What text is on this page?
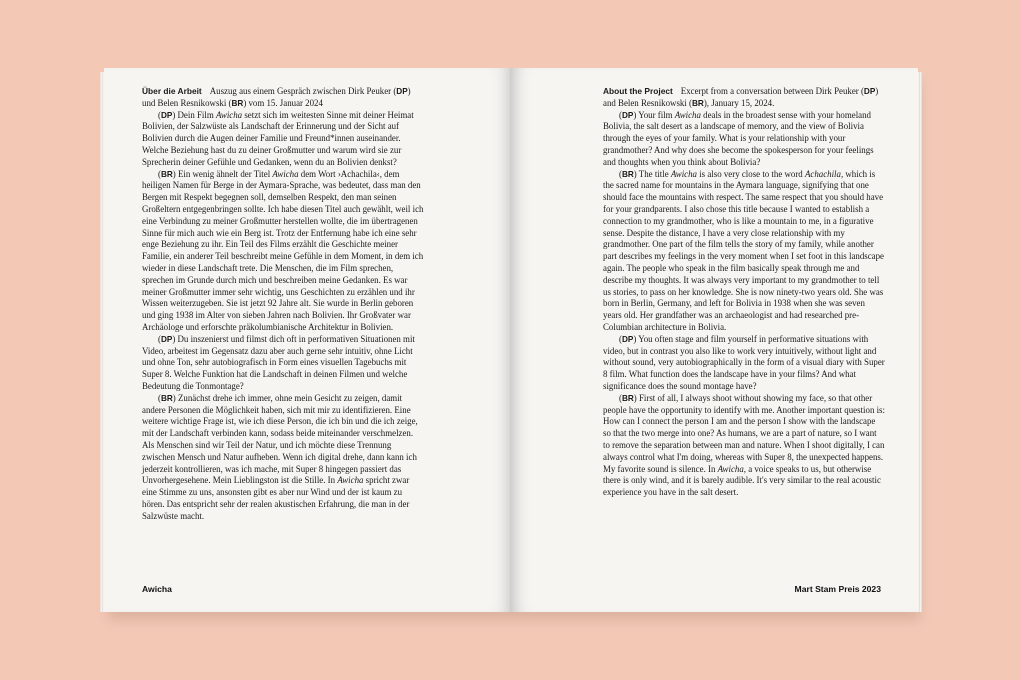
Über die Arbeit Auszug aus einem Gespräch zwischen Dirk Peuker (DP) und Belen Resnikowski (BR) vom 15. Januar 2024

(DP) Dein Film Awicha setzt sich im weitesten Sinne mit deiner Heimat Bolivien, der Salzwüste als Landschaft der Erinnerung und der Sicht auf Bolivien durch die Augen deiner Familie und Freund*innen auseinander. Welche Beziehung hast du zu deiner Großmutter und warum wird sie zur Sprecherin deiner Gefühle und Gedanken, wenn du an Bolivien denkst?

(BR) Ein wenig ähnelt der Titel Awicha dem Wort ›Achachila‹, dem heiligen Namen für Berge in der Aymara-Sprache, was bedeutet, dass man den Bergen mit Respekt begegnen soll, demselben Respekt, den man seinen Großeltern entgegenbringen sollte. Ich habe diesen Titel auch gewählt, weil ich eine Verbindung zu meiner Großmutter herstellen wollte, die im übertragenen Sinne für mich auch wie ein Berg ist. Trotz der Entfernung habe ich eine sehr enge Beziehung zu ihr. Ein Teil des Films erzählt die Geschichte meiner Familie, ein anderer Teil beschreibt meine Gefühle in dem Moment, in dem ich wieder in diese Landschaft trete. Die Menschen, die im Film sprechen, sprechen im Grunde durch mich und beschreiben meine Gedanken. Es war meiner Großmutter immer sehr wichtig, uns Geschichten zu erzählen und ihr Wissen weiterzugeben. Sie ist jetzt 92 Jahre alt. Sie wurde in Berlin geboren und ging 1938 im Alter von sieben Jahren nach Bolivien. Ihr Großvater war Archäologe und erforschte präkolumbianische Architektur in Bolivien.

(DP) Du inszenierst und filmst dich oft in performativen Situationen mit Video, arbeitest im Gegensatz dazu aber auch gerne sehr intuitiv, ohne Licht und ohne Ton, sehr autobiografisch in Form eines visuellen Tagebuchs mit Super 8. Welche Funktion hat die Landschaft in deinen Filmen und welche Bedeutung die Tonmontage?

(BR) Zunächst drehe ich immer, ohne mein Gesicht zu zeigen, damit andere Personen die Möglichkeit haben, sich mit mir zu identifizieren. Eine weitere wichtige Frage ist, wie ich diese Person, die ich bin und die ich zeige, mit der Landschaft verbinden kann, sodass beide miteinander verschmelzen. Als Menschen sind wir Teil der Natur, und ich möchte diese Trennung zwischen Mensch und Natur aufheben. Wenn ich digital drehe, dann kann ich jederzeit kontrollieren, was ich mache, mit Super 8 hingegen passiert das Unvorhergesehene. Mein Lieblingston ist die Stille. In Awicha spricht zwar eine Stimme zu uns, ansonsten gibt es aber nur Wind und der ist kaum zu hören. Das entspricht sehr der realen akustischen Erfahrung, die man in der Salzwüste macht.

Awicha

About the Project Excerpt from a conversation between Dirk Peuker (DP) and Belen Resnikowski (BR), January 15, 2024.

(DP) Your film Awicha deals in the broadest sense with your homeland Bolivia, the salt desert as a landscape of memory, and the view of Bolivia through the eyes of your family. What is your relationship with your grandmother? And why does she become the spokesperson for your feelings and thoughts when you think about Bolivia?

(BR) The title Awicha is also very close to the word Achachila, which is the sacred name for mountains in the Aymara language, signifying that one should face the mountains with respect. The same respect that you should have for your grandparents. I also chose this title because I wanted to establish a connection to my grandmother, who is like a mountain to me, in a figurative sense. Despite the distance, I have a very close relationship with my grandmother. One part of the film tells the story of my family, while another part describes my feelings in the very moment when I set foot in this landscape again. The people who speak in the film basically speak through me and describe my thoughts. It was always very important to my grandmother to tell us stories, to pass on her knowledge. She is now ninety-two years old. She was born in Berlin, Germany, and left for Bolivia in 1938 when she was seven years old. Her grandfather was an archaeologist and had researched pre-Columbian architecture in Bolivia.

(DP) You often stage and film yourself in performative situations with video, but in contrast you also like to work very intuitively, without light and without sound, very autobiographically in the form of a visual diary with Super 8 film. What function does the landscape have in your films? And what significance does the sound montage have?

(BR) First of all, I always shoot without showing my face, so that other people have the opportunity to identify with me. Another important question is: How can I connect the person I am and the person I show with the landscape so that the two merge into one? As humans, we are a part of nature, so I want to remove the separation between man and nature. When I shoot digitally, I can always control what I'm doing, whereas with Super 8, the unexpected happens. My favorite sound is silence. In Awicha, a voice speaks to us, but otherwise there is only wind, and it is barely audible. It's very similar to the real acoustic experience you have in the salt desert.

Mart Stam Preis 2023
